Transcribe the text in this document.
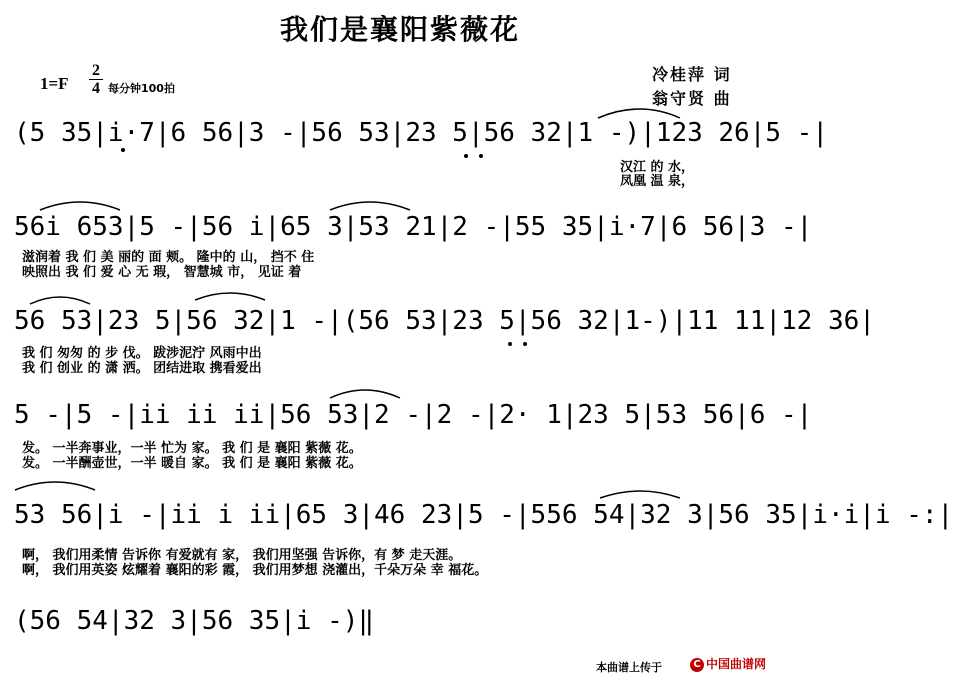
我们是襄阳紫薇花
1=F
2
4 每分钟100拍
冷桂萍 词
翁守贤 曲
(5 35|i·7|6 56|3 -|56 53|23 5|56 32|1 -)|123 26|5 -|
汉江 的 水，
凤凰 温 泉，
56i 653|5 -|56 i|65 3|53 21|2 -|55 35|i·7|6 56|3 -|
滋润着 我 们 美 丽的 面 颊。 隆中的 山， 挡不 住
映照出 我 们 爱 心 无 瑕， 智慧城 市， 见证 着
56 53|23 5|56 32|1 -|(56 53|23 5|56 32|1-)|11 11|12 36|
我 们 匆匆 的 步 伐。 跋涉泥泞 风雨中出
我 们 创业 的 潇 洒。 团结进取 携看爱出
5 -|5 -|ii ii ii|56 53|2 -|2 -|2· 1|23 5|53 56|6 -|
发。 一半奔事业，一半 忙为 家。 我 们 是 襄阳 紫薇 花。
发。 一半酬壶世，一半 暖自 家。 我 们 是 襄阳 紫薇 花。
53 56|i -|ii i ii|65 3|46 23|5 -|556 54|32 3|56 35|i·i|i -:|
啊， 我们用柔情 告诉你 有爱就有 家， 我们用坚强 告诉你，有 梦 走天涯。
啊， 我们用英姿 炫耀着 襄阳的彩 霞， 我们用梦想 浇灌出，千朵万朵 幸 福花。
(56 54|32 3|56 35|i -)‖
本曲谱上传于	C 中国曲谱网
